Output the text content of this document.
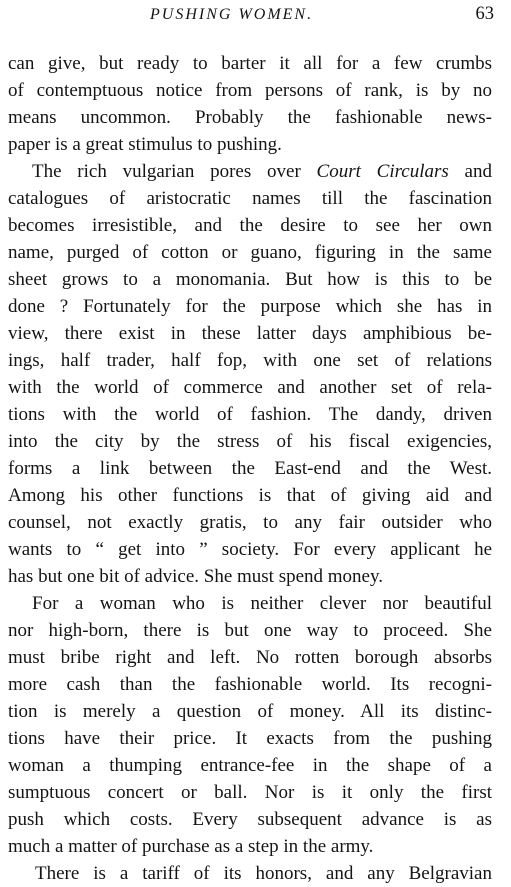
PUSHING WOMEN.	63
can give, but ready to barter it all for a few crumbs
of contemptuous notice from persons of rank, is by no
means uncommon. Probably the fashionable news-
paper is a great stimulus to pushing.
The rich vulgarian pores over Court Circulars and
catalogues of aristocratic names till the fascination
becomes irresistible, and the desire to see her own
name, purged of cotton or guano, figuring in the same
sheet grows to a monomania. But how is this to be
done ? Fortunately for the purpose which she has in
view, there exist in these latter days amphibious be-
ings, half trader, half fop, with one set of relations
with the world of commerce and another set of rela-
tions with the world of fashion. The dandy, driven
into the city by the stress of his fiscal exigencies,
forms a link between the East-end and the West.
Among his other functions is that of giving aid and
counsel, not exactly gratis, to any fair outsider who
wants to “ get into ” society. For every applicant he
has but one bit of advice. She must spend money.
For a woman who is neither clever nor beautiful
nor high-born, there is but one way to proceed. She
must bribe right and left. No rotten borough absorbs
more cash than the fashionable world. Its recogni-
tion is merely a question of money. All its distinc-
tions have their price. It exacts from the pushing
woman a thumping entrance-fee in the shape of a
sumptuous concert or ball. Nor is it only the first
push which costs. Every subsequent advance is as
much a matter of purchase as a step in the army.
There is a tariff of its honors, and any Belgravian
